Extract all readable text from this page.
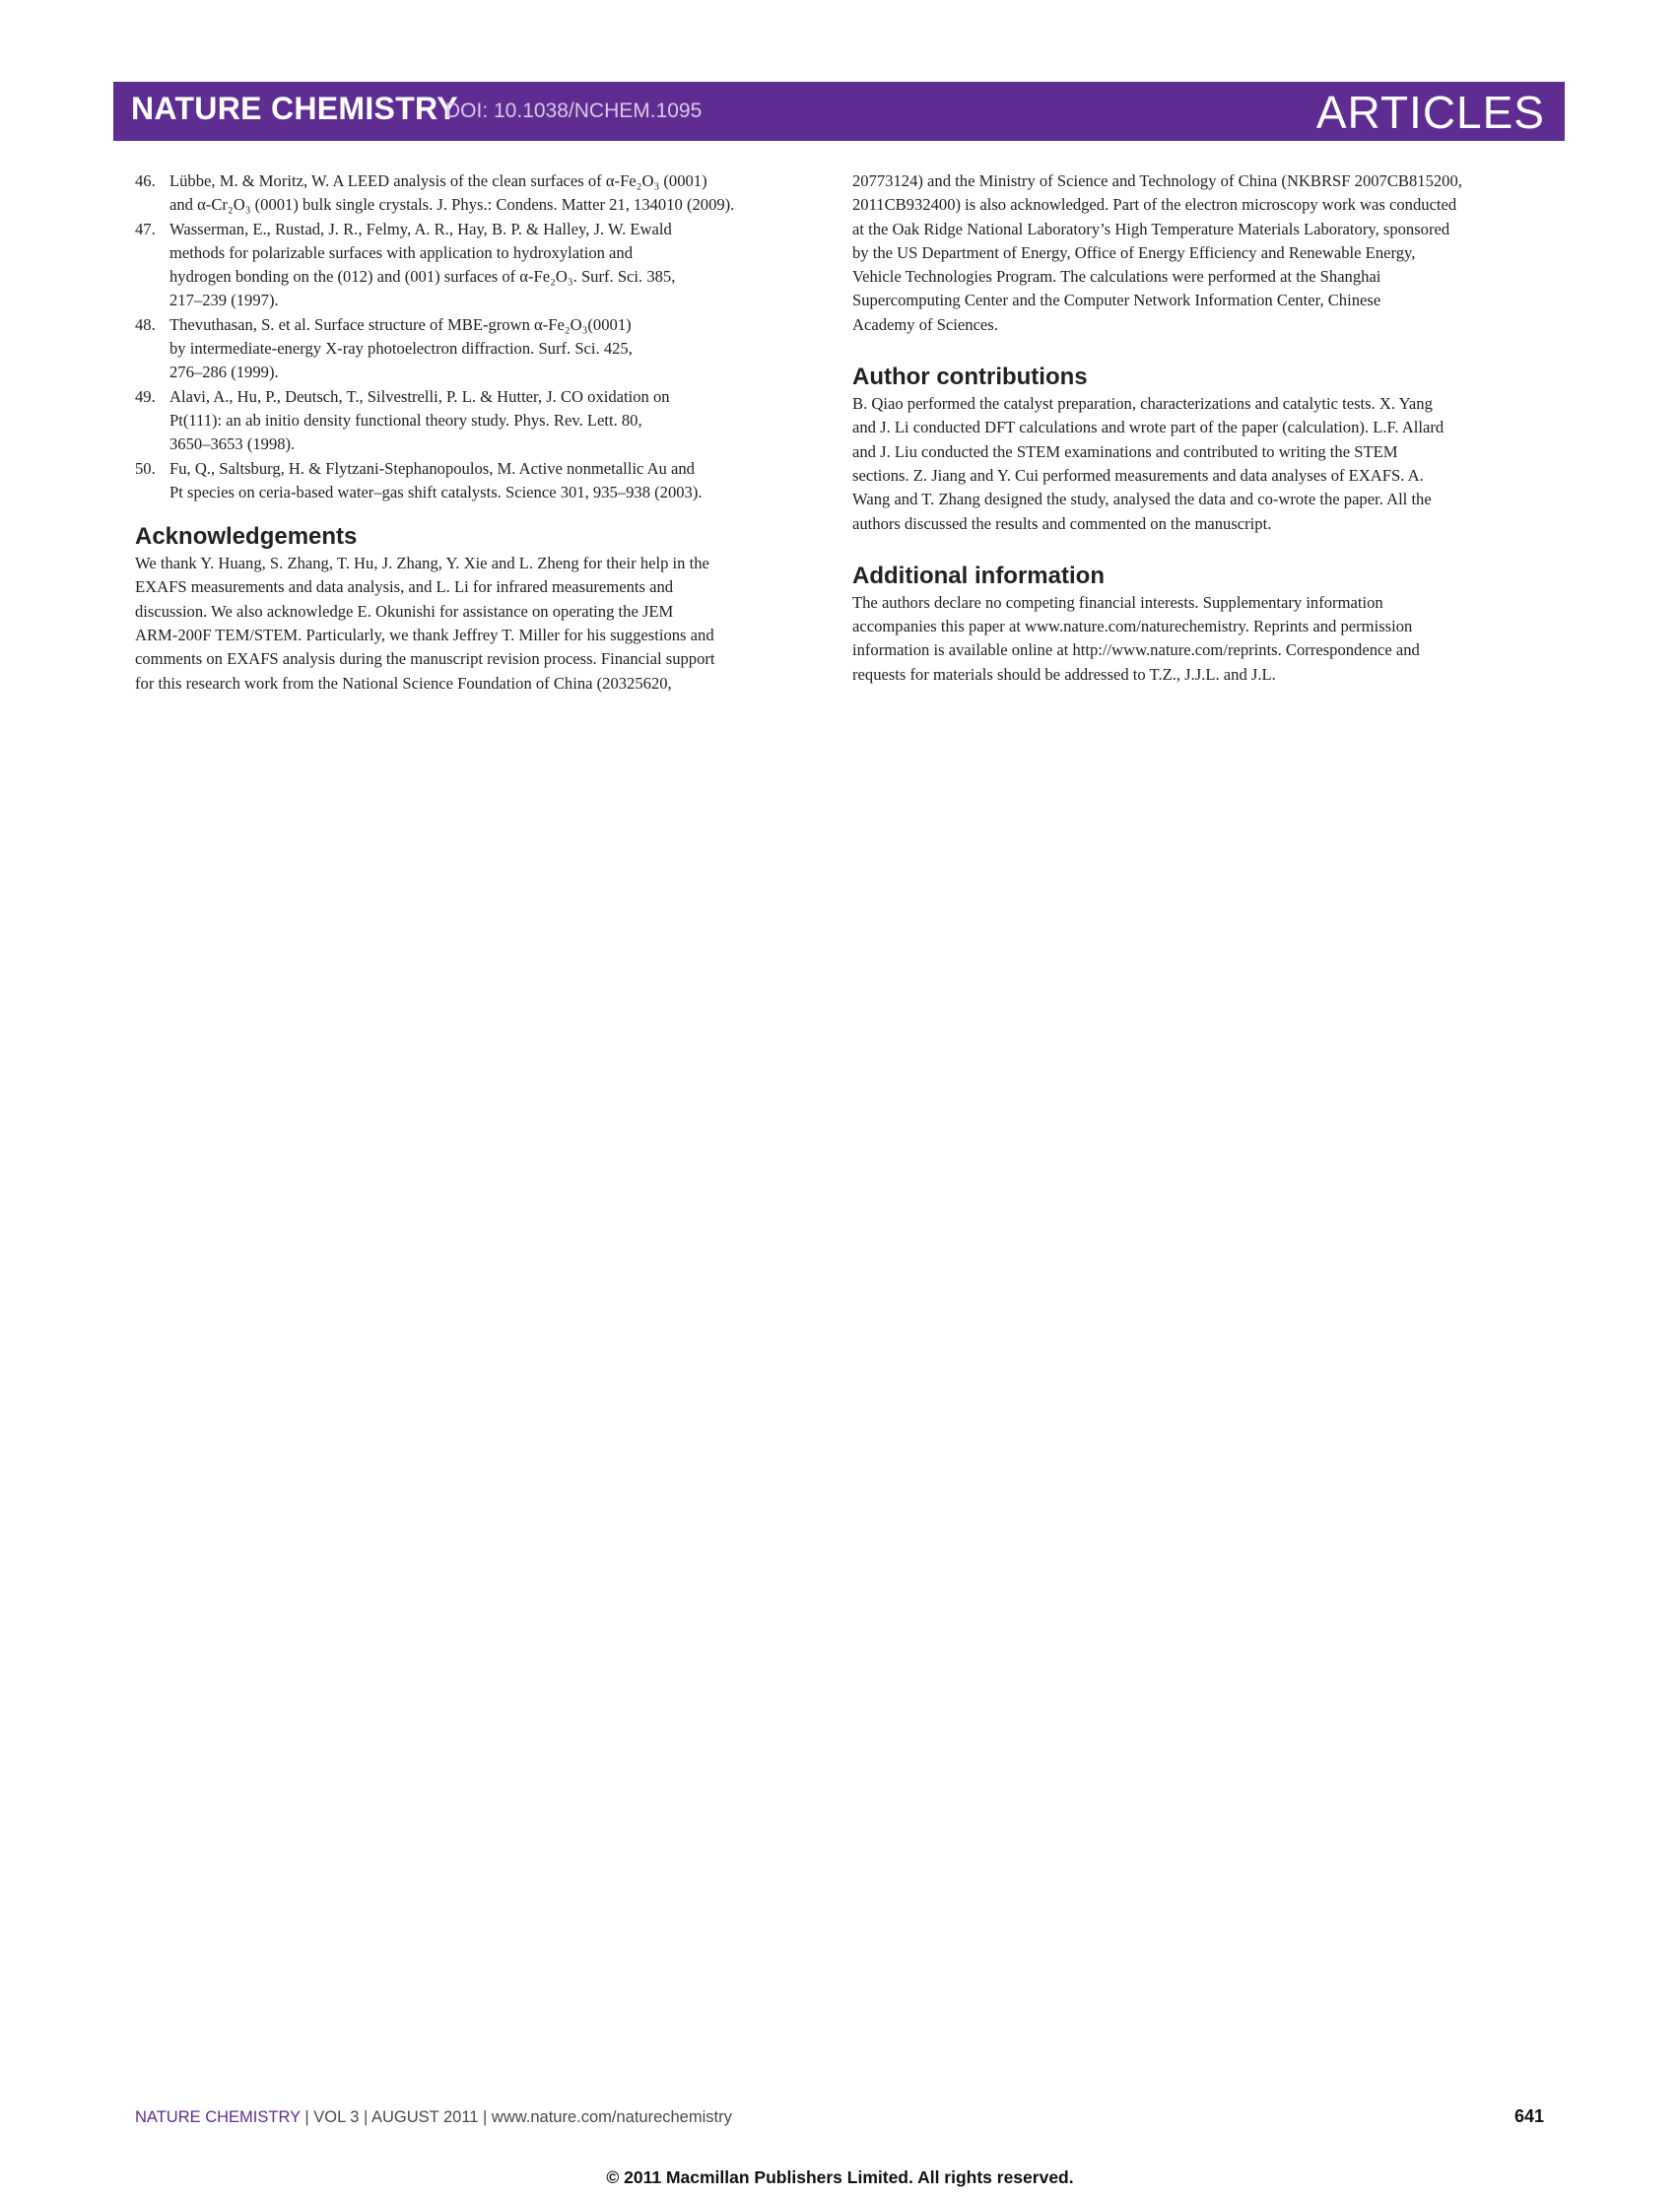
NATURE CHEMISTRY
DOI: 10.1038/NCHEM.1095	ARTICLES
46. Lübbe, M. & Moritz, W. A LEED analysis of the clean surfaces of α-Fe₂O₃ (0001)
and α-Cr₂O₃ (0001) bulk single crystals. J. Phys.: Condens. Matter 21, 134010 (2009).
47. Wasserman, E., Rustad, J. R., Felmy, A. R., Hay, B. P. & Halley, J. W. Ewald
methods for polarizable surfaces with application to hydroxylation and
hydrogen bonding on the (012) and (001) surfaces of α-Fe₂O₃. Surf. Sci. 385,
217–239 (1997).
48. Thevuthasan, S. et al. Surface structure of MBE-grown α-Fe₂O₃(0001)
by intermediate-energy X-ray photoelectron diffraction. Surf. Sci. 425,
276–286 (1999).
49. Alavi, A., Hu, P., Deutsch, T., Silvestrelli, P. L. & Hutter, J. CO oxidation on
Pt(111): an ab initio density functional theory study. Phys. Rev. Lett. 80,
3650–3653 (1998).
50. Fu, Q., Saltsburg, H. & Flytzani-Stephanopoulos, M. Active nonmetallic Au and
Pt species on ceria-based water–gas shift catalysts. Science 301, 935–938 (2003).
Acknowledgements
We thank Y. Huang, S. Zhang, T. Hu, J. Zhang, Y. Xie and L. Zheng for their help in the
EXAFS measurements and data analysis, and L. Li for infrared measurements and
discussion. We also acknowledge E. Okunishi for assistance on operating the JEM
ARM-200F TEM/STEM. Particularly, we thank Jeffrey T. Miller for his suggestions and
comments on EXAFS analysis during the manuscript revision process. Financial support
for this research work from the National Science Foundation of China (20325620,
20773124) and the Ministry of Science and Technology of China (NKBRSF 2007CB815200,
2011CB932400) is also acknowledged. Part of the electron microscopy work was conducted
at the Oak Ridge National Laboratory’s High Temperature Materials Laboratory, sponsored
by the US Department of Energy, Office of Energy Efficiency and Renewable Energy,
Vehicle Technologies Program. The calculations were performed at the Shanghai
Supercomputing Center and the Computer Network Information Center, Chinese
Academy of Sciences.
Author contributions
B. Qiao performed the catalyst preparation, characterizations and catalytic tests. X. Yang
and J. Li conducted DFT calculations and wrote part of the paper (calculation). L.F. Allard
and J. Liu conducted the STEM examinations and contributed to writing the STEM
sections. Z. Jiang and Y. Cui performed measurements and data analyses of EXAFS. A.
Wang and T. Zhang designed the study, analysed the data and co-wrote the paper. All the
authors discussed the results and commented on the manuscript.
Additional information
The authors declare no competing financial interests. Supplementary information
accompanies this paper at www.nature.com/naturechemistry. Reprints and permission
information is available online at http://www.nature.com/reprints. Correspondence and
requests for materials should be addressed to T.Z., J.J.L. and J.L.
NATURE CHEMISTRY | VOL 3 | AUGUST 2011 | www.nature.com/naturechemistry	641
© 2011 Macmillan Publishers Limited. All rights reserved.
